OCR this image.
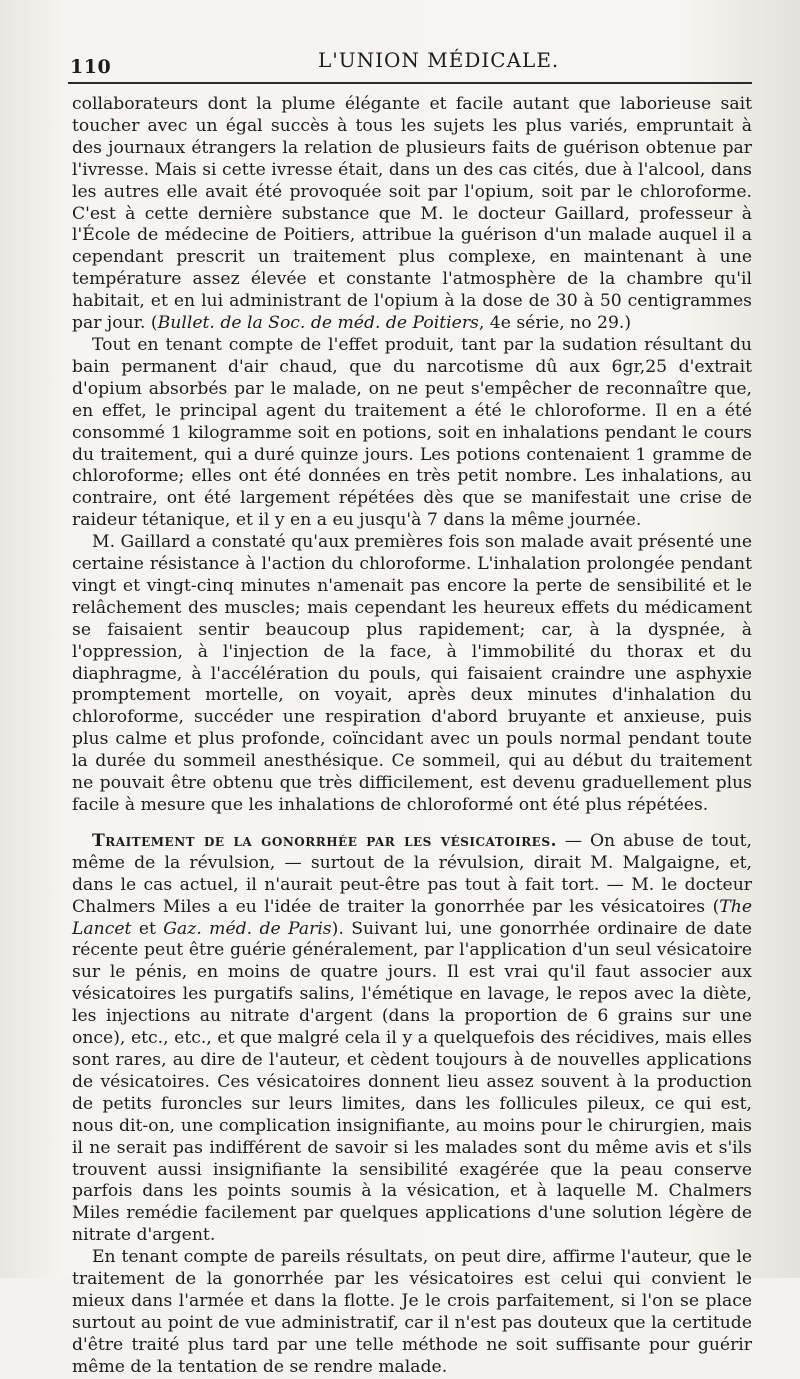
110	L'UNION MÉDICALE.

collaborateurs dont la plume élégante et facile autant que laborieuse sait toucher avec un égal succès à tous les sujets les plus variés, empruntait à des journaux étrangers la relation de plusieurs faits de guérison obtenue par l'ivresse. Mais si cette ivresse était, dans un des cas cités, due à l'alcool, dans les autres elle avait été provoquée soit par l'opium, soit par le chloroforme. C'est à cette dernière substance que M. le docteur Gaillard, professeur à l'École de médecine de Poitiers, attribue la guérison d'un malade auquel il a cependant prescrit un traitement plus complexe, en maintenant à une température assez élevée et constante l'atmosphère de la chambre qu'il habitait, et en lui administrant de l'opium à la dose de 30 à 50 centigrammes par jour. (Bullet. de la Soc. de méd. de Poitiers, 4e série, no 29.)

Tout en tenant compte de l'effet produit, tant par la sudation résultant du bain permanent d'air chaud, que du narcotisme dû aux 6gr,25 d'extrait d'opium absorbés par le malade, on ne peut s'empêcher de reconnaître que, en effet, le principal agent du traitement a été le chloroforme. Il en a été consommé 1 kilogramme soit en potions, soit en inhalations pendant le cours du traitement, qui a duré quinze jours. Les potions contenaient 1 gramme de chloroforme; elles ont été données en très petit nombre. Les inhalations, au contraire, ont été largement répétées dès que se manifestait une crise de raideur tétanique, et il y en a eu jusqu'à 7 dans la même journée.

M. Gaillard a constaté qu'aux premières fois son malade avait présenté une certaine résistance à l'action du chloroforme. L'inhalation prolongée pendant vingt et vingt-cinq minutes n'amenait pas encore la perte de sensibilité et le relâchement des muscles; mais cependant les heureux effets du médicament se faisaient sentir beaucoup plus rapidement; car, à la dyspnée, à l'oppression, à l'injection de la face, à l'immobilité du thorax et du diaphragme, à l'accélération du pouls, qui faisaient craindre une asphyxie promptement mortelle, on voyait, après deux minutes d'inhalation du chloroforme, succéder une respiration d'abord bruyante et anxieuse, puis plus calme et plus profonde, coïncidant avec un pouls normal pendant toute la durée du sommeil anesthésique. Ce sommeil, qui au début du traitement ne pouvait être obtenu que très difficilement, est devenu graduellement plus facile à mesure que les inhalations de chloroformé ont été plus répétées.

Traitement de la gonorrhée par les vésicatoires. — On abuse de tout, même de la révulsion, — surtout de la révulsion, dirait M. Malgaigne, et, dans le cas actuel, il n'aurait peut-être pas tout à fait tort. — M. le docteur Chalmers Miles a eu l'idée de traiter la gonorrhée par les vésicatoires (The Lancet et Gaz. méd. de Paris). Suivant lui, une gonorrhée ordinaire de date récente peut être guérie généralement, par l'application d'un seul vésicatoire sur le pénis, en moins de quatre jours. Il est vrai qu'il faut associer aux vésicatoires les purgatifs salins, l'émétique en lavage, le repos avec la diète, les injections au nitrate d'argent (dans la proportion de 6 grains sur une once), etc., etc., et que malgré cela il y a quelquefois des récidives, mais elles sont rares, au dire de l'auteur, et cèdent toujours à de nouvelles applications de vésicatoires. Ces vésicatoires donnent lieu assez souvent à la production de petits furoncles sur leurs limites, dans les follicules pileux, ce qui est, nous dit-on, une complication insignifiante, au moins pour le chirurgien, mais il ne serait pas indifférent de savoir si les malades sont du même avis et s'ils trouvent aussi insignifiante la sensibilité exagérée que la peau conserve parfois dans les points soumis à la vésication, et à laquelle M. Chalmers Miles remédie facilement par quelques applications d'une solution légère de nitrate d'argent.

En tenant compte de pareils résultats, on peut dire, affirme l'auteur, que le traitement de la gonorrhée par les vésicatoires est celui qui convient le mieux dans l'armée et dans la flotte. Je le crois parfaitement, si l'on se place surtout au point de vue administratif, car il n'est pas douteux que la certitude d'être traité plus tard par une telle méthode ne soit suffisante pour guérir même de la tentation de se rendre malade.
